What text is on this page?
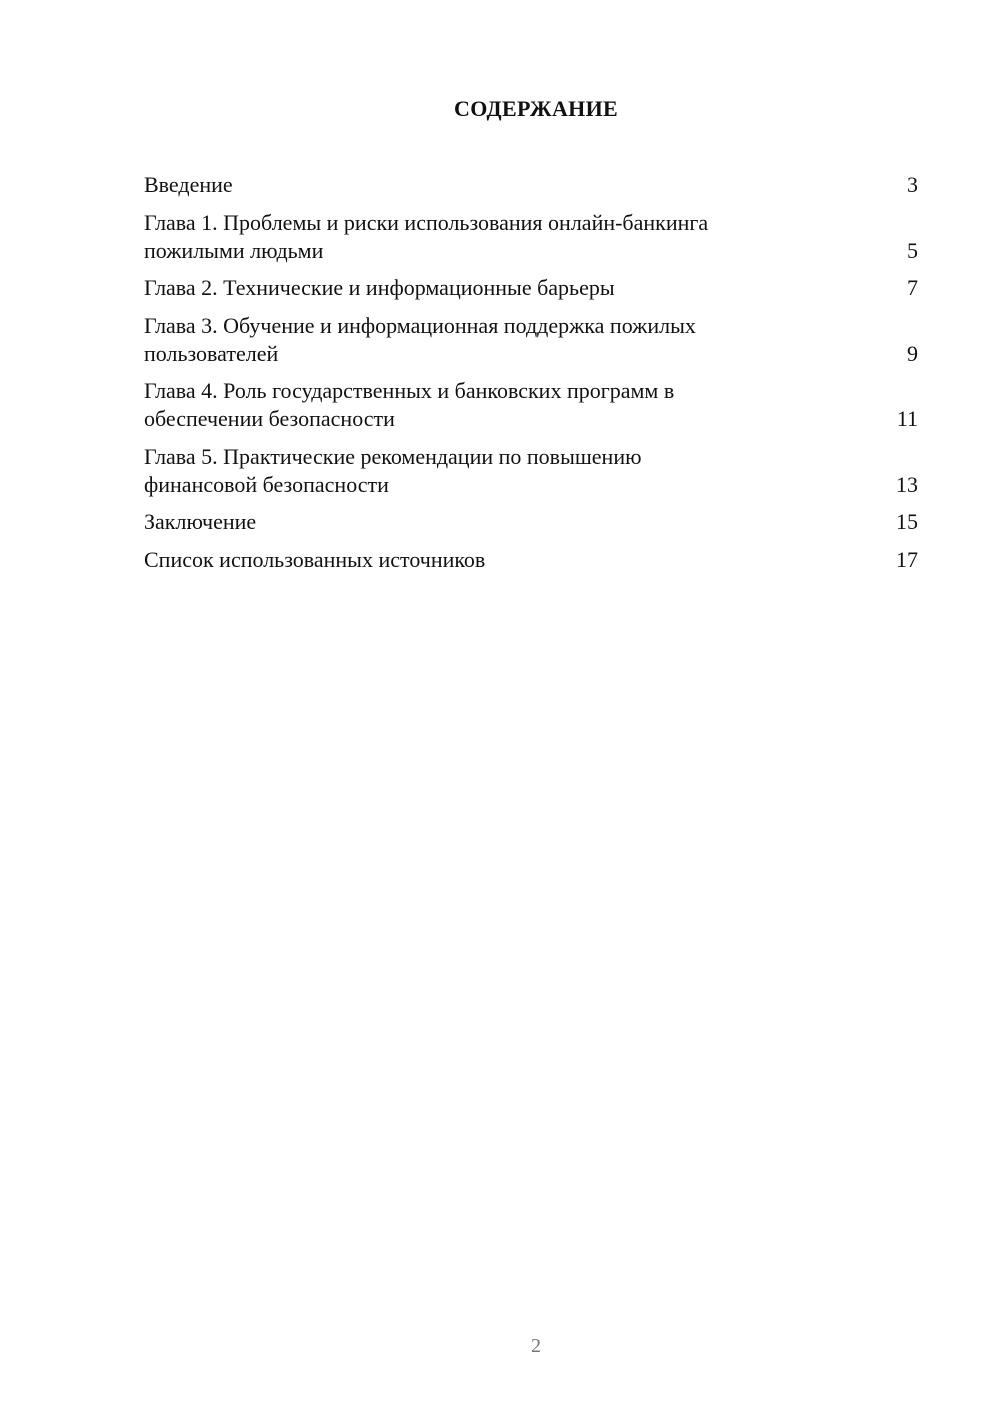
СОДЕРЖАНИЕ
Введение	3
Глава 1. Проблемы и риски использования онлайн-банкинга
пожилыми людьми	5
Глава 2. Технические и информационные барьеры	7
Глава 3. Обучение и информационная поддержка пожилых
пользователей	9
Глава 4. Роль государственных и банковских программ в
обеспечении безопасности	11
Глава 5. Практические рекомендации по повышению
финансовой безопасности	13
Заключение	15
Список использованных источников	17
2
